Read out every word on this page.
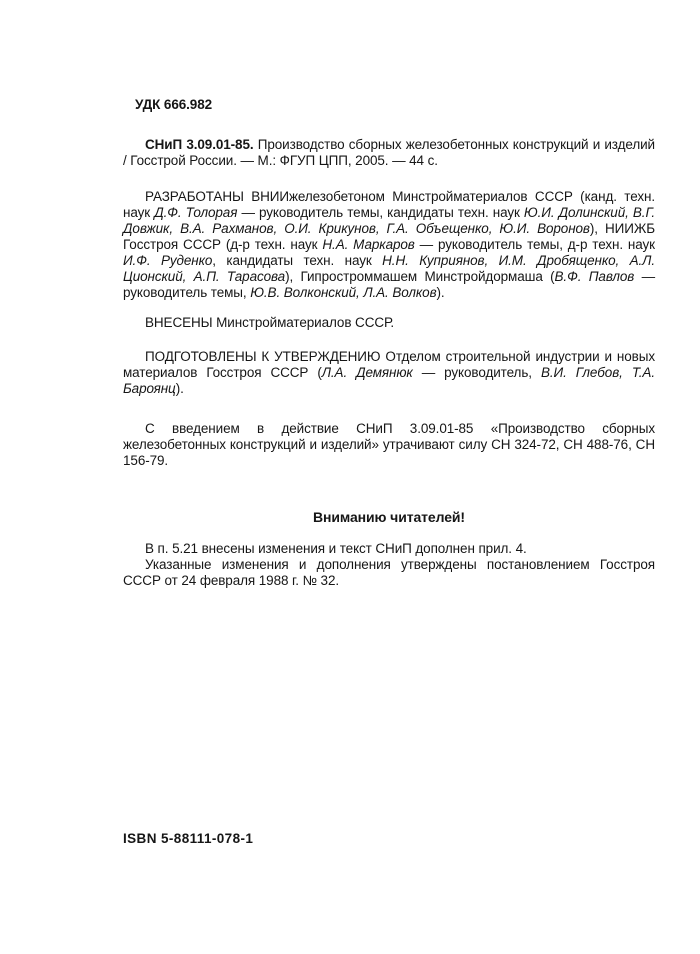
УДК 666.982
СНиП 3.09.01-85. Производство сборных железобетонных конструкций и изделий / Госстрой России. — М.: ФГУП ЦПП, 2005. — 44 с.
РАЗРАБОТАНЫ ВНИИжелезобетоном Минстройматериалов СССР (канд. техн. наук Д.Ф. Толорая — руководитель темы, кандидаты техн. наук Ю.И. Долинский, В.Г. Довжик, В.А. Рахманов, О.И. Крикунов, Г.А. Объещенко, Ю.И. Воронов), НИИЖБ Госстроя СССР (д-р техн. наук Н.А. Маркаров — руководитель темы, д-р техн. наук И.Ф. Руденко, кандидаты техн. наук Н.Н. Куприянов, И.М. Дробященко, А.Л. Ционский, А.П. Тарасова), Гипростроммашем Минстройдормаша (В.Ф. Павлов — руководитель темы, Ю.В. Волконский, Л.А. Волков).
ВНЕСЕНЫ Минстройматериалов СССР.
ПОДГОТОВЛЕНЫ К УТВЕРЖДЕНИЮ Отделом строительной индустрии и новых материалов Госстроя СССР (Л.А. Демянюк — руководитель, В.И. Глебов, Т.А. Бароянц).
С введением в действие СНиП 3.09.01-85 «Производство сборных железобетонных конструкций и изделий» утрачивают силу СН 324-72, СН 488-76, СН 156-79.
Вниманию читателей!
В п. 5.21 внесены изменения и текст СНиП дополнен прил. 4.
Указанные изменения и дополнения утверждены постановлением Госстроя СССР от 24 февраля 1988 г. № 32.
ISBN 5-88111-078-1
